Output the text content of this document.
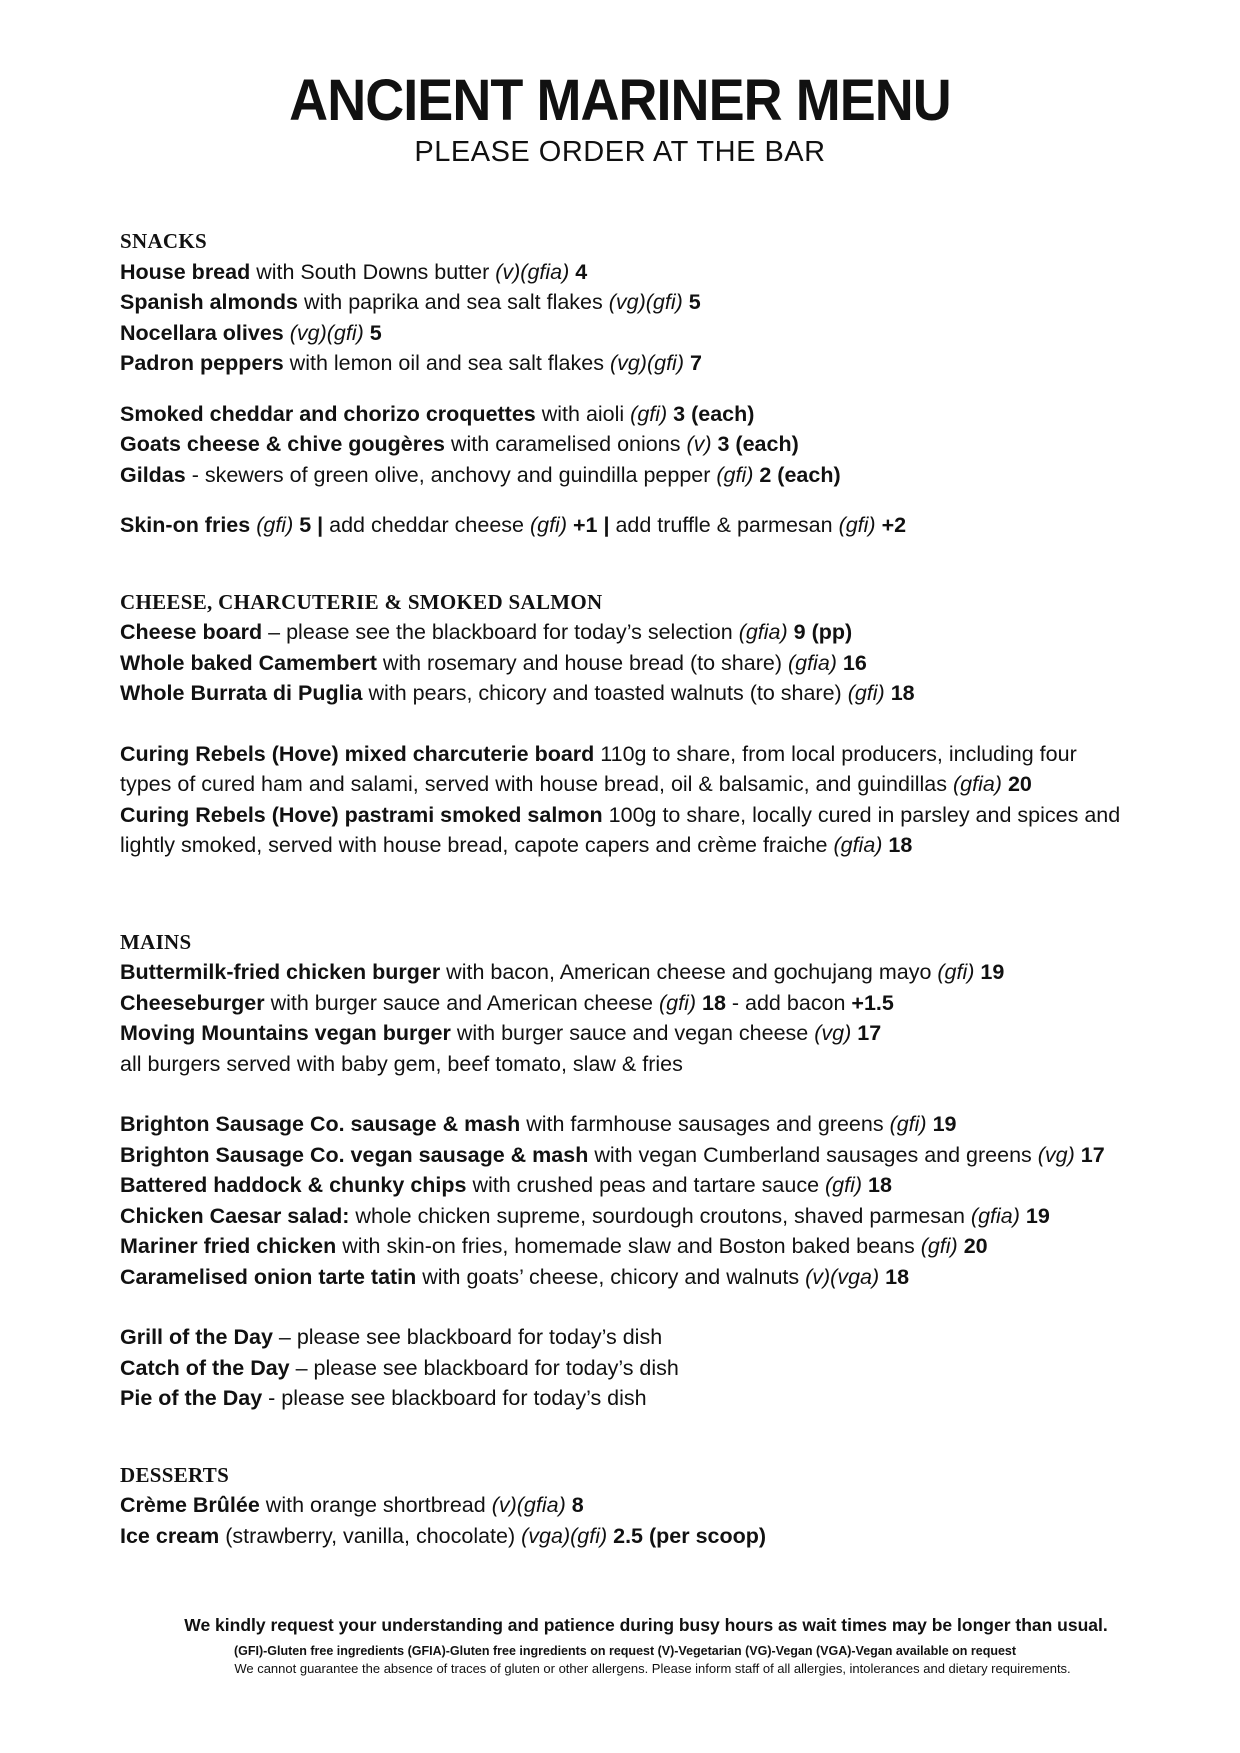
ANCIENT MARINER MENU
PLEASE ORDER AT THE BAR
SNACKS
House bread with South Downs butter (v)(gfia) 4
Spanish almonds with paprika and sea salt flakes (vg)(gfi) 5
Nocellara olives (vg)(gfi) 5
Padron peppers with lemon oil and sea salt flakes (vg)(gfi) 7
Smoked cheddar and chorizo croquettes with aioli (gfi) 3 (each)
Goats cheese & chive gougères with caramelised onions (v) 3 (each)
Gildas - skewers of green olive, anchovy and guindilla pepper (gfi) 2 (each)
Skin-on fries (gfi) 5 | add cheddar cheese (gfi) +1 | add truffle & parmesan (gfi) +2
CHEESE, CHARCUTERIE & SMOKED SALMON
Cheese board – please see the blackboard for today’s selection (gfia) 9 (pp)
Whole baked Camembert with rosemary and house bread (to share) (gfia) 16
Whole Burrata di Puglia with pears, chicory and toasted walnuts (to share) (gfi) 18
Curing Rebels (Hove) mixed charcuterie board 110g to share, from local producers, including four types of cured ham and salami, served with house bread, oil & balsamic, and guindillas (gfia) 20
Curing Rebels (Hove) pastrami smoked salmon 100g to share, locally cured in parsley and spices and lightly smoked, served with house bread, capote capers and crème fraiche (gfia) 18
MAINS
Buttermilk-fried chicken burger with bacon, American cheese and gochujang mayo (gfi) 19
Cheeseburger with burger sauce and American cheese (gfi) 18 - add bacon +1.5
Moving Mountains vegan burger with burger sauce and vegan cheese (vg) 17
all burgers served with baby gem, beef tomato, slaw & fries
Brighton Sausage Co. sausage & mash with farmhouse sausages and greens (gfi) 19
Brighton Sausage Co. vegan sausage & mash with vegan Cumberland sausages and greens (vg) 17
Battered haddock & chunky chips with crushed peas and tartare sauce (gfi) 18
Chicken Caesar salad: whole chicken supreme, sourdough croutons, shaved parmesan (gfia) 19
Mariner fried chicken with skin-on fries, homemade slaw and Boston baked beans (gfi) 20
Caramelised onion tarte tatin with goats’ cheese, chicory and walnuts (v)(vga) 18
Grill of the Day – please see blackboard for today’s dish
Catch of the Day – please see blackboard for today’s dish
Pie of the Day - please see blackboard for today’s dish
DESSERTS
Crème Brûlée with orange shortbread (v)(gfia) 8
Ice cream (strawberry, vanilla, chocolate) (vga)(gfi) 2.5 (per scoop)
We kindly request your understanding and patience during busy hours as wait times may be longer than usual.
(GFI)-Gluten free ingredients (GFIA)-Gluten free ingredients on request (V)-Vegetarian (VG)-Vegan (VGA)-Vegan available on request
We cannot guarantee the absence of traces of gluten or other allergens. Please inform staff of all allergies, intolerances and dietary requirements.
